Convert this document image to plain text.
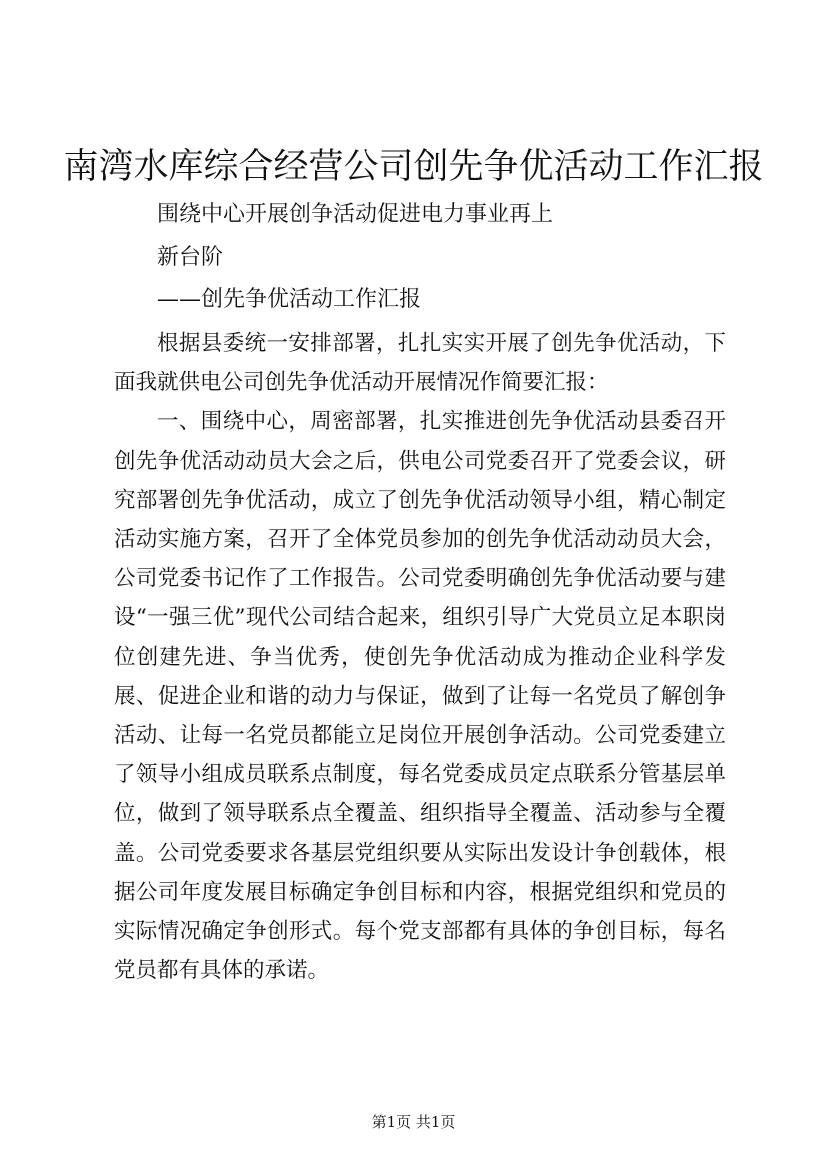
南湾水库综合经营公司创先争优活动工作汇报
围绕中心开展创争活动促进电力事业再上
新台阶
——创先争优活动工作汇报

根据县委统一安排部署，扎扎实实开展了创先争优活动，下面我就供电公司创先争优活动开展情况作简要汇报：

一、围绕中心，周密部署，扎实推进创先争优活动县委召开创先争优活动动员大会之后，供电公司党委召开了党委会议，研究部署创先争优活动，成立了创先争优活动领导小组，精心制定活动实施方案，召开了全体党员参加的创先争优活动动员大会，公司党委书记作了工作报告。公司党委明确创先争优活动要与建设“一强三优”现代公司结合起来，组织引导广大党员立足本职岗位创建先进、争当优秀，使创先争优活动成为推动企业科学发展、促进企业和谐的动力与保证，做到了让每一名党员了解创争活动、让每一名党员都能立足岗位开展创争活动。公司党委建立了领导小组成员联系点制度，每名党委成员定点联系分管基层单位，做到了领导联系点全覆盖、组织指导全覆盖、活动参与全覆盖。公司党委要求各基层党组织要从实际出发设计争创载体，根据公司年度发展目标确定争创目标和内容，根据党组织和党员的实际情况确定争创形式。每个党支部都有具体的争创目标，每名党员都有具体的承诺。

第1页 共1页
